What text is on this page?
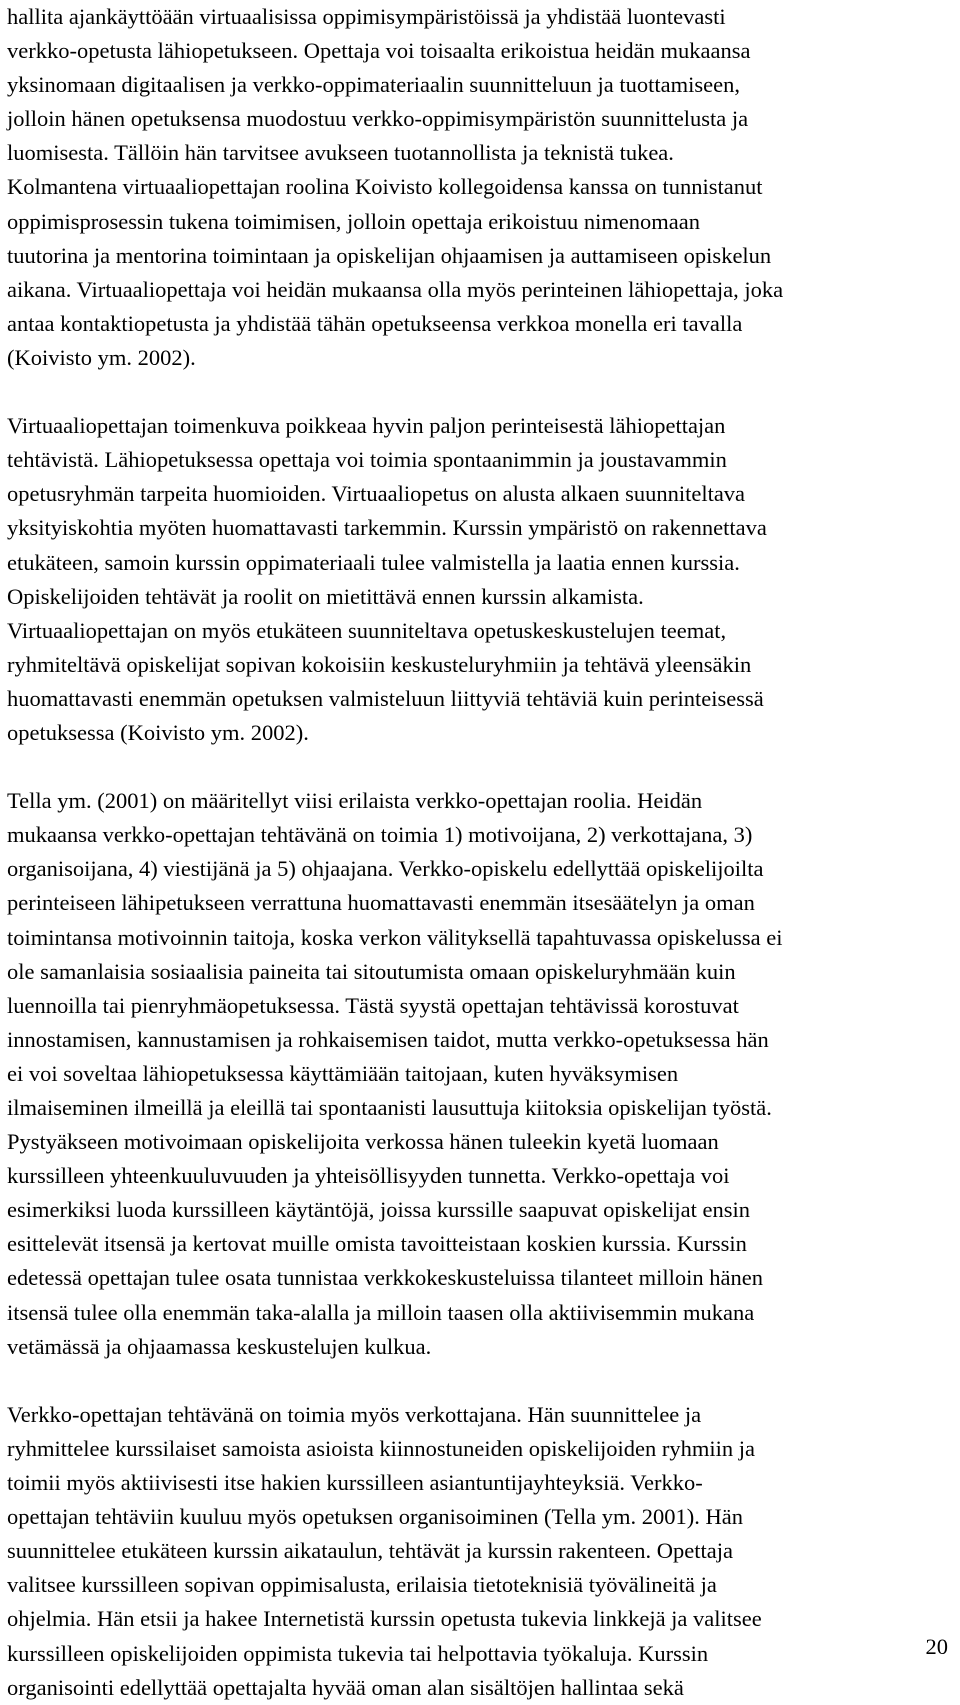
hallita ajankäyttöään virtuaalisissa oppimisympäristöissä ja yhdistää luontevasti
verkko-opetusta lähiopetukseen. Opettaja voi toisaalta erikoistua heidän mukaansa
yksinomaan digitaalisen ja verkko-oppimateriaalin suunnitteluun ja tuottamiseen,
jolloin hänen opetuksensa muodostuu verkko-oppimisympäristön suunnittelusta ja
luomisesta. Tällöin hän tarvitsee avukseen tuotannollista ja teknistä tukea.
Kolmantena virtuaaliopettajan roolina Koivisto kollegoidensa kanssa on tunnistanut
oppimisprosessin tukena toimimisen, jolloin opettaja erikoistuu nimenomaan
tuutorina ja mentorina toimintaan ja opiskelijan ohjaamisen ja auttamiseen opiskelun
aikana. Virtuaaliopettaja voi heidän mukaansa olla myös perinteinen lähiopettaja, joka
antaa kontaktiopetusta ja yhdistää tähän opetukseensa verkkoa monella eri tavalla
(Koivisto ym. 2002).
Virtuaaliopettajan toimenkuva poikkeaa hyvin paljon perinteisestä lähiopettajan
tehtävistä. Lähiopetuksessa opettaja voi toimia spontaanimmin ja joustavammin
opetusryhmän tarpeita huomioiden. Virtuaaliopetus on alusta alkaen suunniteltava
yksityiskohtia myöten huomattavasti tarkemmin. Kurssin ympäristö on rakennettava
etukäteen, samoin kurssin oppimateriaali tulee valmistella ja laatia ennen kurssia.
Opiskelijoiden tehtävät ja roolit on mietittävä ennen kurssin alkamista.
Virtuaaliopettajan on myös etukäteen suunniteltava opetuskeskustelujen teemat,
ryhmiteltävä opiskelijat sopivan kokoisiin keskusteluryhmiin ja tehtävä yleensäkin
huomattavasti enemmän opetuksen valmisteluun liittyviä tehtäviä kuin perinteisessä
opetuksessa (Koivisto ym. 2002).
Tella ym. (2001) on määritellyt viisi erilaista verkko-opettajan roolia. Heidän
mukaansa verkko-opettajan tehtävänä on toimia 1) motivoijana, 2) verkottajana, 3)
organisoijana, 4) viestijänä ja 5) ohjaajana. Verkko-opiskelu edellyttää opiskelijoilta
perinteiseen lähipetukseen verrattuna huomattavasti enemmän itsesäätelyn ja oman
toimintansa motivoinnin taitoja, koska verkon välityksellä tapahtuvassa opiskelussa ei
ole samanlaisia sosiaalisia paineita tai sitoutumista omaan opiskeluryhmään kuin
luennoilla tai pienryhmäopetuksessa. Tästä syystä opettajan tehtävissä korostuvat
innostamisen, kannustamisen ja rohkaisemisen taidot, mutta verkko-opetuksessa hän
ei voi soveltaa lähiopetuksessa käyttämiään taitojaan, kuten hyväksymisen
ilmaiseminen ilmeillä ja eleillä tai spontaanisti lausuttuja kiitoksia opiskelijan työstä.
Pystyäkseen motivoimaan opiskelijoita verkossa hänen tuleekin kyetä luomaan
kurssilleen yhteenkuuluvuuden ja yhteisöllisyyden tunnetta. Verkko-opettaja voi
esimerkiksi luoda kurssilleen käytäntöjä, joissa kurssille saapuvat opiskelijat ensin
esittelevät itsensä ja kertovat muille omista tavoitteistaan koskien kurssia. Kurssin
edetessä opettajan tulee osata tunnistaa verkkokeskusteluissa tilanteet milloin hänen
itsensä tulee olla enemmän taka-alalla ja milloin taasen olla aktiivisemmin mukana
vetämässä ja ohjaamassa keskustelujen kulkua.
Verkko-opettajan tehtävänä on toimia myös verkottajana. Hän suunnittelee ja
ryhmittelee kurssilaiset samoista asioista kiinnostuneiden opiskelijoiden ryhmiin ja
toimii myös aktiivisesti itse hakien kurssilleen asiantuntijayhteyksiä. Verkko-
opettajan tehtäviin kuuluu myös opetuksen organisoiminen (Tella ym. 2001). Hän
suunnittelee etukäteen kurssin aikataulun, tehtävät ja kurssin rakenteen. Opettaja
valitsee kurssilleen sopivan oppimisalusta, erilaisia tietoteknisiä työvälineitä ja
ohjelmia. Hän etsii ja hakee Internetistä kurssin opetusta tukevia linkkejä ja valitsee
kurssilleen opiskelijoiden oppimista tukevia tai helpottavia työkaluja. Kurssin
organisointi edellyttää opettajalta hyvää oman alan sisältöjen hallintaa sekä
20
